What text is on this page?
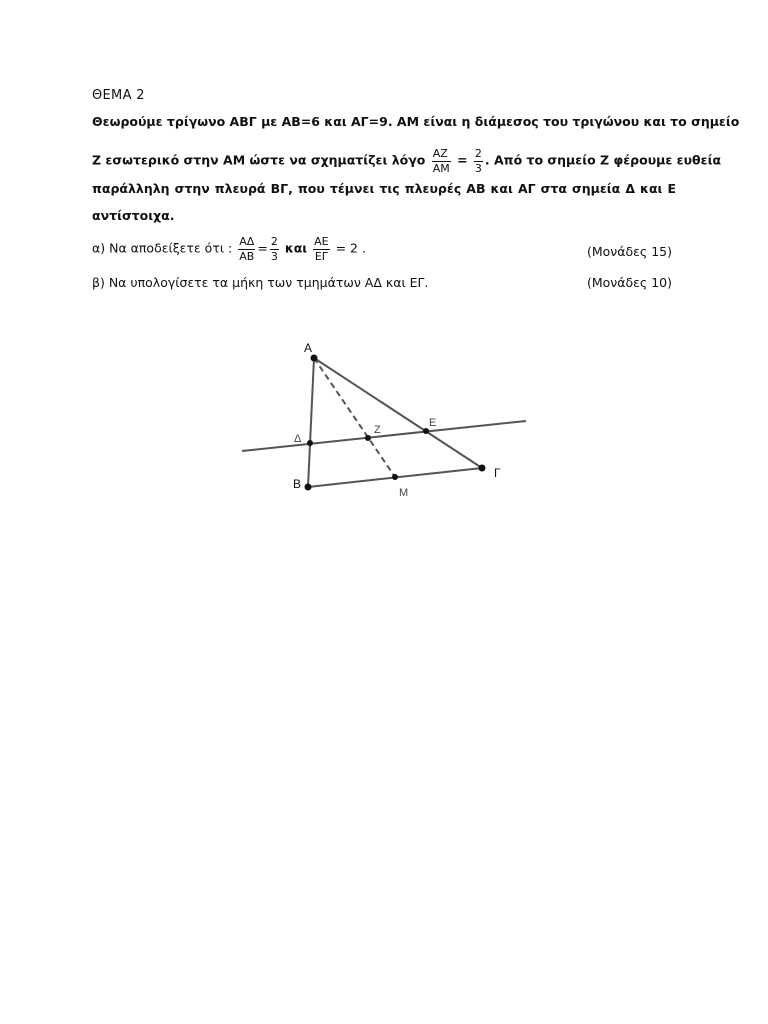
ΘΕΜΑ 2
Θεωρούμε τρίγωνο ΑΒΓ με ΑΒ=6 και ΑΓ=9. ΑΜ είναι η διάμεσος του τριγώνου και το σημείο
Ζ εσωτερικό στην ΑΜ ώστε να σχηματίζει λόγο $\frac{AZ}{AM} = \frac{2}{3}$ . Από το σημείο Ζ φέρουμε ευθεία
παράλληλη στην πλευρά ΒΓ, που τέμνει τις πλευρές ΑΒ και ΑΓ στα σημεία Δ και Ε
αντίστοιχα.
α) Να αποδείξετε ότι : $\frac{A\Delta}{AB} = \frac{2}{3}$ και $\frac{AE}{E\Gamma} = 2$ .	(Μονάδες 15)
β) Να υπολογίσετε τα μήκη των τμημάτων ΑΔ και ΕΓ.	(Μονάδες 10)
Α
Β
Γ
Μ
Δ
Ζ
Ε
